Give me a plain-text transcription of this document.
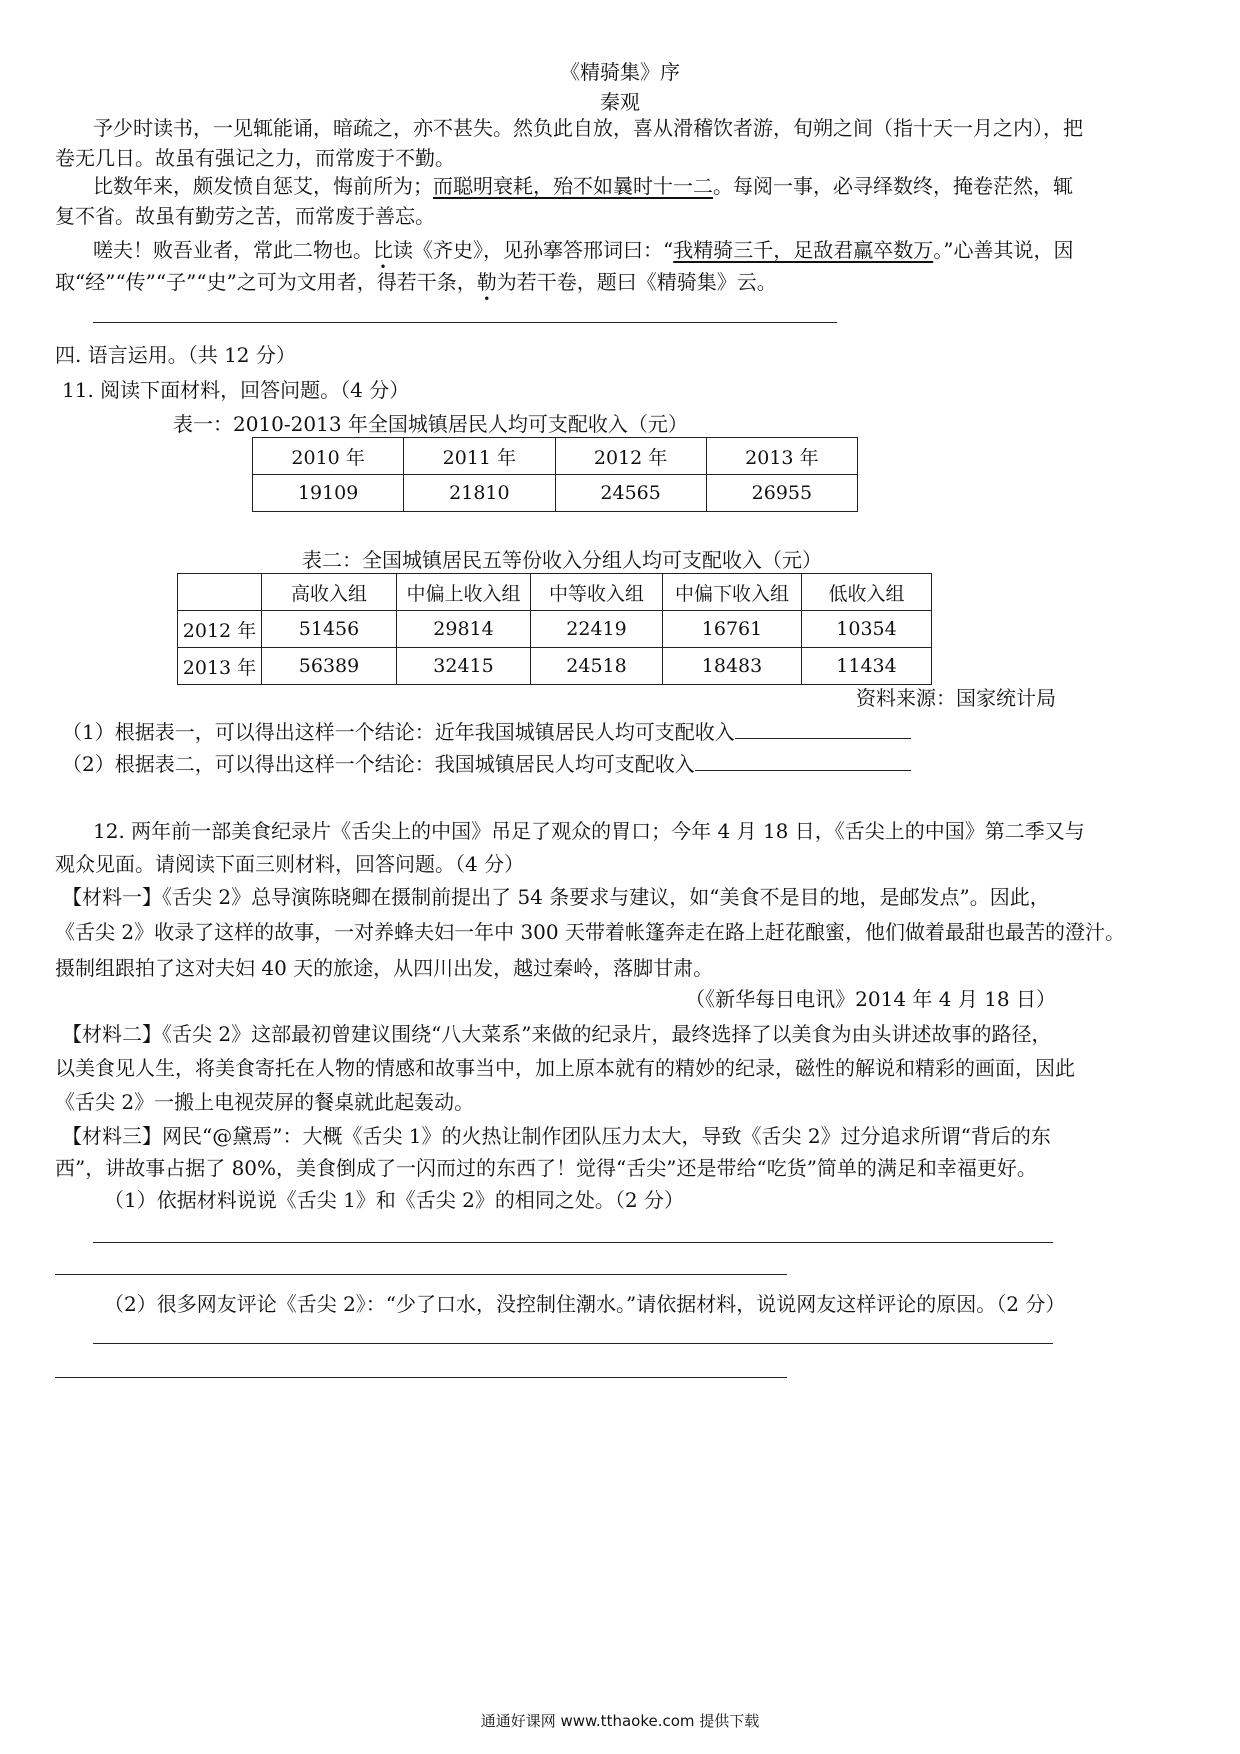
《精骑集》序
秦观
予少时读书，一见辄能诵，暗疏之，亦不甚失。然负此自放，喜从滑稽饮者游，旬朔之间（指十天一月之内），把
卷无几日。故虽有强记之力，而常废于不勤。
比数年来，颇发愤自惩艾，悔前所为；而聪明衰耗，殆不如曩时十一二。每阅一事，必寻绎数终，掩卷茫然，辄
复不省。故虽有勤劳之苦，而常废于善忘。
嗟夫！败吾业者，常此二物也。比读《齐史》，见孙搴答邢词曰：“我精骑三千，足敌君羸卒数万。”心善其说，因
取“经”“传”“子”“史”之可为文用者，得若干条，勒为若干卷，题曰《精骑集》云。
四. 语言运用。（共 12 分）
11. 阅读下面材料，回答问题。（4 分）
表一：2010-2013 年全国城镇居民人均可支配收入（元）
2010 年	2011 年	2012 年	2013 年
19109	21810	24565	26955
表二：全国城镇居民五等份收入分组人均可支配收入（元）
	高收入组	中偏上收入组	中等收入组	中偏下收入组	低收入组
2012 年	51456	29814	22419	16761	10354
2013 年	56389	32415	24518	18483	11434
资料来源：国家统计局
（1）根据表一，可以得出这样一个结论：近年我国城镇居民人均可支配收入
（2）根据表二，可以得出这样一个结论：我国城镇居民人均可支配收入
12. 两年前一部美食纪录片《舌尖上的中国》吊足了观众的胃口；今年 4 月 18 日，《舌尖上的中国》第二季又与
观众见面。请阅读下面三则材料，回答问题。（4 分）
【材料一】《舌尖 2》总导演陈晓卿在摄制前提出了 54 条要求与建议，如“美食不是目的地，是邮发点”。因此，
《舌尖 2》收录了这样的故事，一对养蜂夫妇一年中 300 天带着帐篷奔走在路上赶花酿蜜，他们做着最甜也最苦的澄汁。
摄制组跟拍了这对夫妇 40 天的旅途，从四川出发，越过秦岭，落脚甘肃。
（《新华每日电讯》2014 年 4 月 18 日）
【材料二】《舌尖 2》这部最初曾建议围绕“八大菜系”来做的纪录片，最终选择了以美食为由头讲述故事的路径，
以美食见人生，将美食寄托在人物的情感和故事当中，加上原本就有的精妙的纪录，磁性的解说和精彩的画面，因此
《舌尖 2》一搬上电视荧屏的餐桌就此起轰动。
【材料三】网民“@黛焉”：大概《舌尖 1》的火热让制作团队压力太大，导致《舌尖 2》过分追求所谓“背后的东
西”，讲故事占据了 80%，美食倒成了一闪而过的东西了！觉得“舌尖”还是带给“吃货”简单的满足和幸福更好。
（1）依据材料说说《舌尖 1》和《舌尖 2》的相同之处。（2 分）
（2）很多网友评论《舌尖 2》：“少了口水，没控制住潮水。”请依据材料，说说网友这样评论的原因。（2 分）
通通好课网 www.tthaoke.com 提供下载
